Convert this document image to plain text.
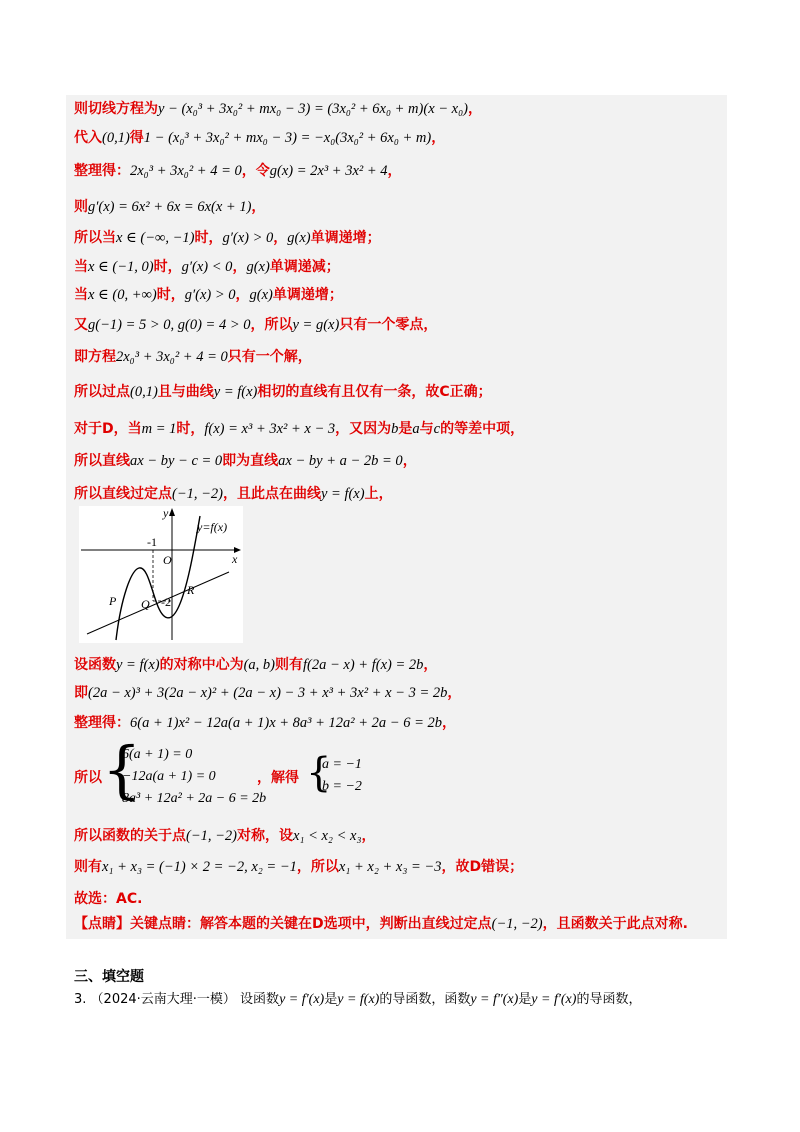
则切线方程为y − (x₀³ + 3x₀² + mx₀ − 3) = (3x₀² + 6x₀ + m)(x − x₀)，
代入(0,1)得1 − (x₀³ + 3x₀² + mx₀ − 3) = −x₀(3x₀² + 6x₀ + m)，
整理得：2x₀³ + 3x₀² + 4 = 0，令g(x) = 2x³ + 3x² + 4，
则g′(x) = 6x² + 6x = 6x(x + 1)，
所以当x ∈ (−∞, −1)时，g′(x) > 0，g(x)单调递增；
当x ∈ (−1, 0)时，g′(x) < 0，g(x)单调递减；
当x ∈ (0, +∞)时，g′(x) > 0，g(x)单调递增；
又g(−1) = 5 > 0, g(0) = 4 > 0，所以y = g(x)只有一个零点，
即方程2x₀³ + 3x₀² + 4 = 0只有一个解，
所以过点(0,1)且与曲线y = f(x)相切的直线有且仅有一条，故C正确；
对于D，当m = 1时，f(x) = x³ + 3x² + x − 3，又因为b是a与c的等差中项，
所以直线ax − by − c = 0即为直线ax − by + a − 2b = 0，
所以直线过定点(−1, −2)，且此点在曲线y = f(x)上，
设函数y = f(x)的对称中心为(a, b)则有f(2a − x) + f(x) = 2b，
即(2a − x)³ + 3(2a − x)² + (2a − x) − 3 + x³ + 3x² + x − 3 = 2b，
整理得：6(a + 1)x² − 12a(a + 1)x + 8a³ + 12a² + 2a − 6 = 2b，
所以函数的关于点(−1, −2)对称，设x₁ < x₂ < x₃，
则有x₁ + x₃ = (−1) × 2 = −2, x₂ = −1，所以x₁ + x₂ + x₃ = −3，故D错误；
故选：AC.
【点睛】关键点睛：解答本题的关键在D选项中，判断出直线过定点(−1, −2)，且函数关于此点对称.
所以 {
6(a + 1) = 0
−12a(a + 1) = 0
8a³ + 12a² + 2a − 6 = 2b
，解得 {
a = −1
b = −2
y
x
O
-1
-2
y=f(x)
P Q
R
三、填空题
3. （2024·云南大理·一模） 设函数y = f′(x)是y = f(x)的导函数，函数y = f″(x)是y = f′(x)的导函数，
